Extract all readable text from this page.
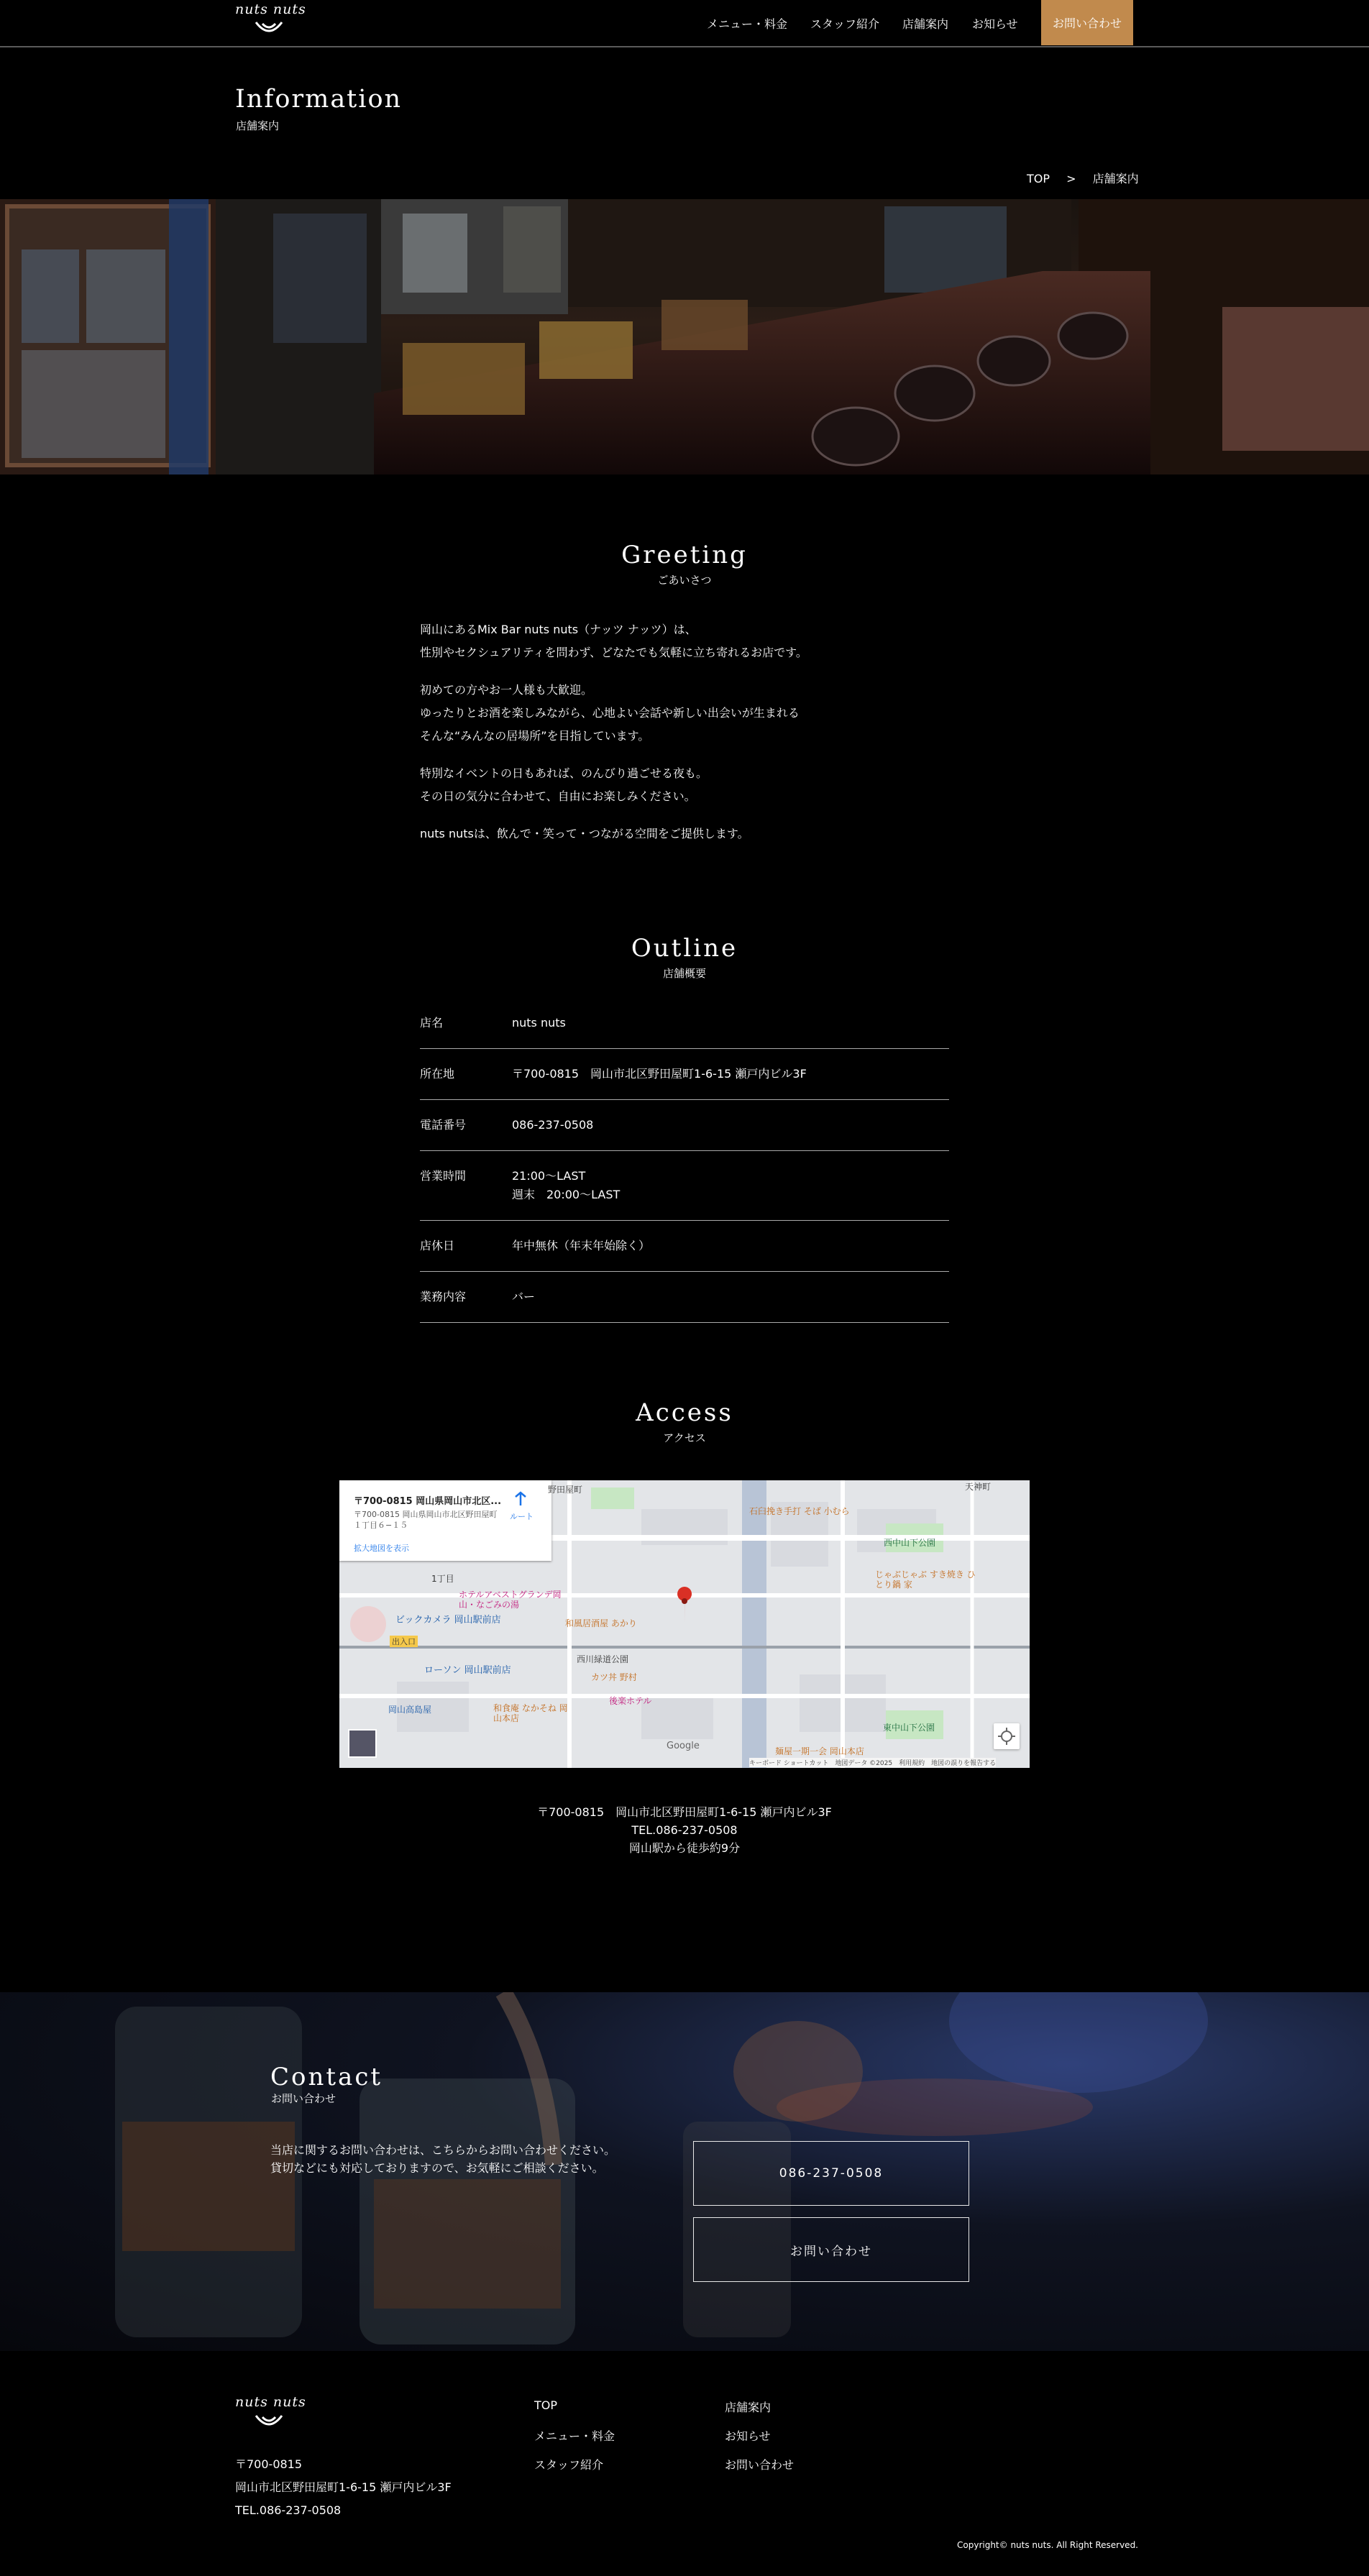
nuts nuts
メニュー・料金 スタッフ紹介 店舗案内 お知らせ	お問い合わせ
Information
店舗案内
TOP > 店舗案内
Greeting
ごあいさつ

岡山にあるMix Bar nuts nuts（ナッツ ナッツ）は、
性別やセクシュアリティを問わず、どなたでも気軽に立ち寄れるお店です。

初めての方やお一人様も大歓迎。
ゆったりとお酒を楽しみながら、心地よい会話や新しい出会いが生まれる
そんな“みんなの居場所”を目指しています。

特別なイベントの日もあれば、のんびり過ごせる夜も。
その日の気分に合わせて、自由にお楽しみください。

nuts nutsは、飲んで・笑って・つながる空間をご提供します。

Outline
店舗概要
店名	nuts nuts
所在地	〒700-0815　岡山市北区野田屋町1-6-15 瀬戸内ビル3F
電話番号	086-237-0508
営業時間	21:00～LAST
週末　20:00～LAST
店休日	年中無休（年末年始除く）
業務内容	バー
Access
アクセス
〒700-0815 岡山県岡山市北区...
〒700-0815 岡山県岡山市北区野田屋町１丁目６−１５
ルート
拡大地図を表示
野田屋町
石臼挽き手打 そば 小むら
西中山下公園
天神町
1丁目
ホテルアベストグランデ岡山・なごみの湯
ビックカメラ 岡山駅前店	和風居酒屋 あかり
じゃぶじゃぶ すき焼き ひとり鍋 家
出入口
ローソン 岡山駅前店
西川緑道公園
カツ丼 野村
岡山高島屋	和食庵 なかそね 岡山本店
後楽ホテル
東中山下公園
麺屋一期一会 岡山本店
Google
キーボード ショートカット　地図データ ©2025　利用規約　地図の誤りを報告する
〒700-0815　岡山市北区野田屋町1-6-15 瀬戸内ビル3F
TEL.086-237-0508
岡山駅から徒歩約9分
Contact
お問い合わせ
当店に関するお問い合わせは、こちらからお問い合わせください。
貸切などにも対応しておりますので、お気軽にご相談ください。	086-237-0508
お問い合わせ
nuts nuts
〒700-0815
岡山市北区野田屋町1-6-15 瀬戸内ビル3F
TEL.086-237-0508
TOP
メニュー・料金
スタッフ紹介
店舗案内
お知らせ
お問い合わせ
Copyright© nuts nuts. All Right Reserved.
